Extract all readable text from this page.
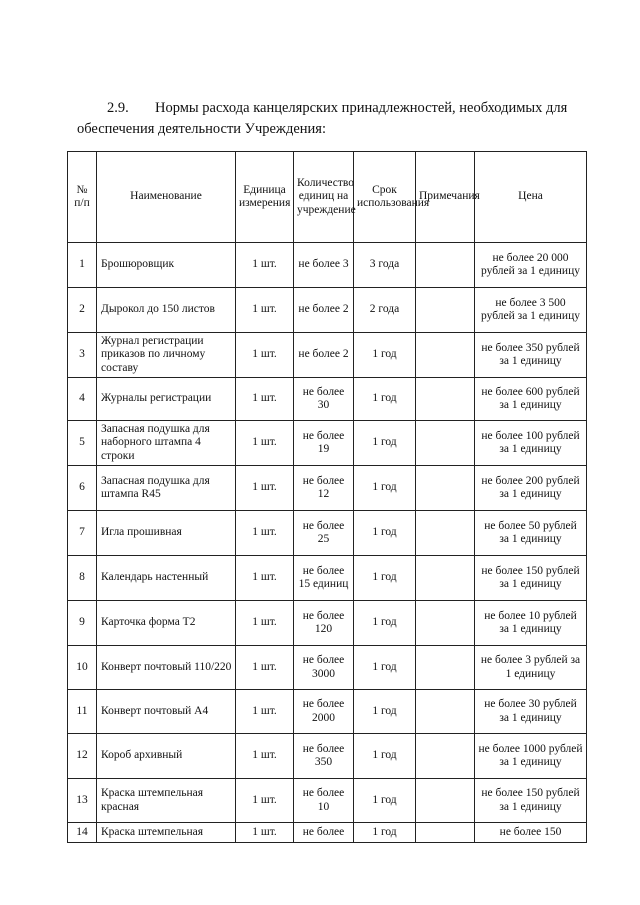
2.9. Нормы расхода канцелярских принадлежностей, необходимых для
обеспечения деятельности Учреждения:
№ п/п	Наименование	Единица измерения	Количество единиц на учреждение	Срок использования	Примечания	Цена
1	Брошюровщик	1 шт.	не более 3	3 года		не более 20 000 рублей за 1 единицу
2	Дырокол до 150 листов	1 шт.	не более 2	2 года		не более 3 500 рублей за 1 единицу
3	Журнал регистрации приказов по личному составу	1 шт.	не более 2	1 год		не более 350 рублей за 1 единицу
4	Журналы регистрации	1 шт.	не более 30	1 год		не более 600 рублей за 1 единицу
5	Запасная подушка для наборного штампа 4 строки	1 шт.	не более 19	1 год		не более 100 рублей за 1 единицу
6	Запасная подушка для штампа R45	1 шт.	не более 12	1 год		не более 200 рублей за 1 единицу
7	Игла прошивная	1 шт.	не более 25	1 год		не более 50 рублей за 1 единицу
8	Календарь настенный	1 шт.	не более 15 единиц	1 год		не более 150 рублей за 1 единицу
9	Карточка форма Т2	1 шт.	не более 120	1 год		не более 10 рублей за 1 единицу
10	Конверт почтовый 110/220	1 шт.	не более 3000	1 год		не более 3 рублей за 1 единицу
11	Конверт почтовый А4	1 шт.	не более 2000	1 год		не более 30 рублей за 1 единицу
12	Короб архивный	1 шт.	не более 350	1 год		не более 1000 рублей за 1 единицу
13	Краска штемпельная красная	1 шт.	не более 10	1 год		не более 150 рублей за 1 единицу
14	Краска штемпельная	1 шт.	не более	1 год		не более 150
